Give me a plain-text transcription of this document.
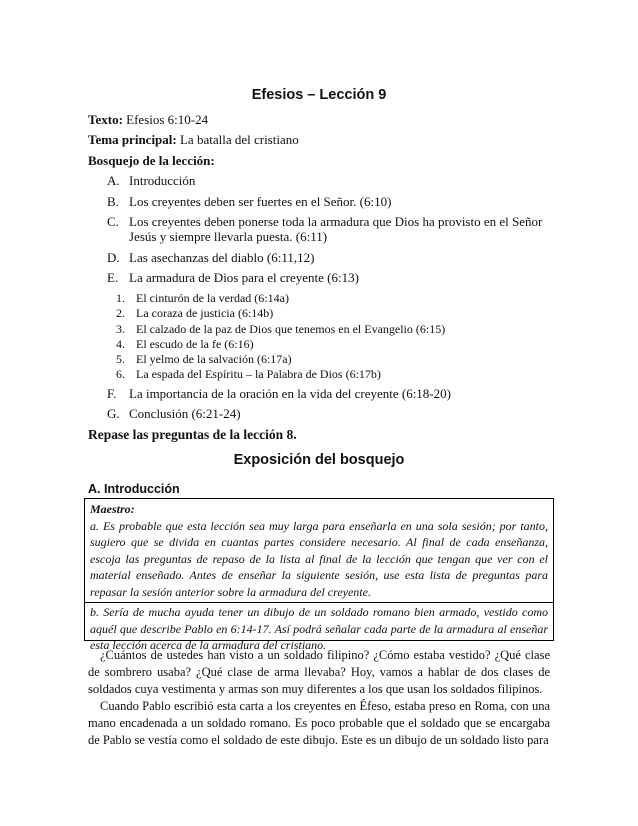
Efesios – Lección 9
Texto: Efesios 6:10-24
Tema principal: La batalla del cristiano
Bosquejo de la lección:
A. Introducción
B. Los creyentes deben ser fuertes en el Señor. (6:10)
C. Los creyentes deben ponerse toda la armadura que Dios ha provisto en el Señor
Jesús y siempre llevarla puesta. (6:11)
D. Las asechanzas del diablo (6:11,12)
E. La armadura de Dios para el creyente (6:13)
1. El cinturón de la verdad (6:14a)
2. La coraza de justicia (6:14b)
3. El calzado de la paz de Dios que tenemos en el Evangelio (6:15)
4. El escudo de la fe (6:16)
5. El yelmo de la salvación (6:17a)
6. La espada del Espíritu – la Palabra de Dios (6:17b)
F. La importancia de la oración en la vida del creyente (6:18-20)
G. Conclusión (6:21-24)
Repase las preguntas de la lección 8.
Exposición del bosquejo
A. Introducción
Maestro:
a. Es probable que esta lección sea muy larga para enseñarla en una sola sesión; por tanto, sugiero que se divida en cuantas partes considere necesario. Al final de cada enseñanza, escoja las preguntas de repaso de la lista al final de la lección que tengan que ver con el material enseñado. Antes de enseñar la siguiente sesión, use esta lista de preguntas para repasar la sesión anterior sobre la armadura del creyente.
b. Sería de mucha ayuda tener un dibujo de un soldado romano bien armado, vestido como aquél que describe Pablo en 6:14-17. Así podrá señalar cada parte de la armadura al enseñar esta lección acerca de la armadura del cristiano.
¿Cuántos de ustedes han visto a un soldado filipino? ¿Cómo estaba vestido? ¿Qué clase de sombrero usaba? ¿Qué clase de arma llevaba? Hoy, vamos a hablar de dos clases de soldados cuya vestimenta y armas son muy diferentes a los que usan los soldados filipinos.
Cuando Pablo escribió esta carta a los creyentes en Éfeso, estaba preso en Roma, con una mano encadenada a un soldado romano. Es poco probable que el soldado que se encargaba de Pablo se vestía como el soldado de este dibujo. Este es un dibujo de un soldado listo para
